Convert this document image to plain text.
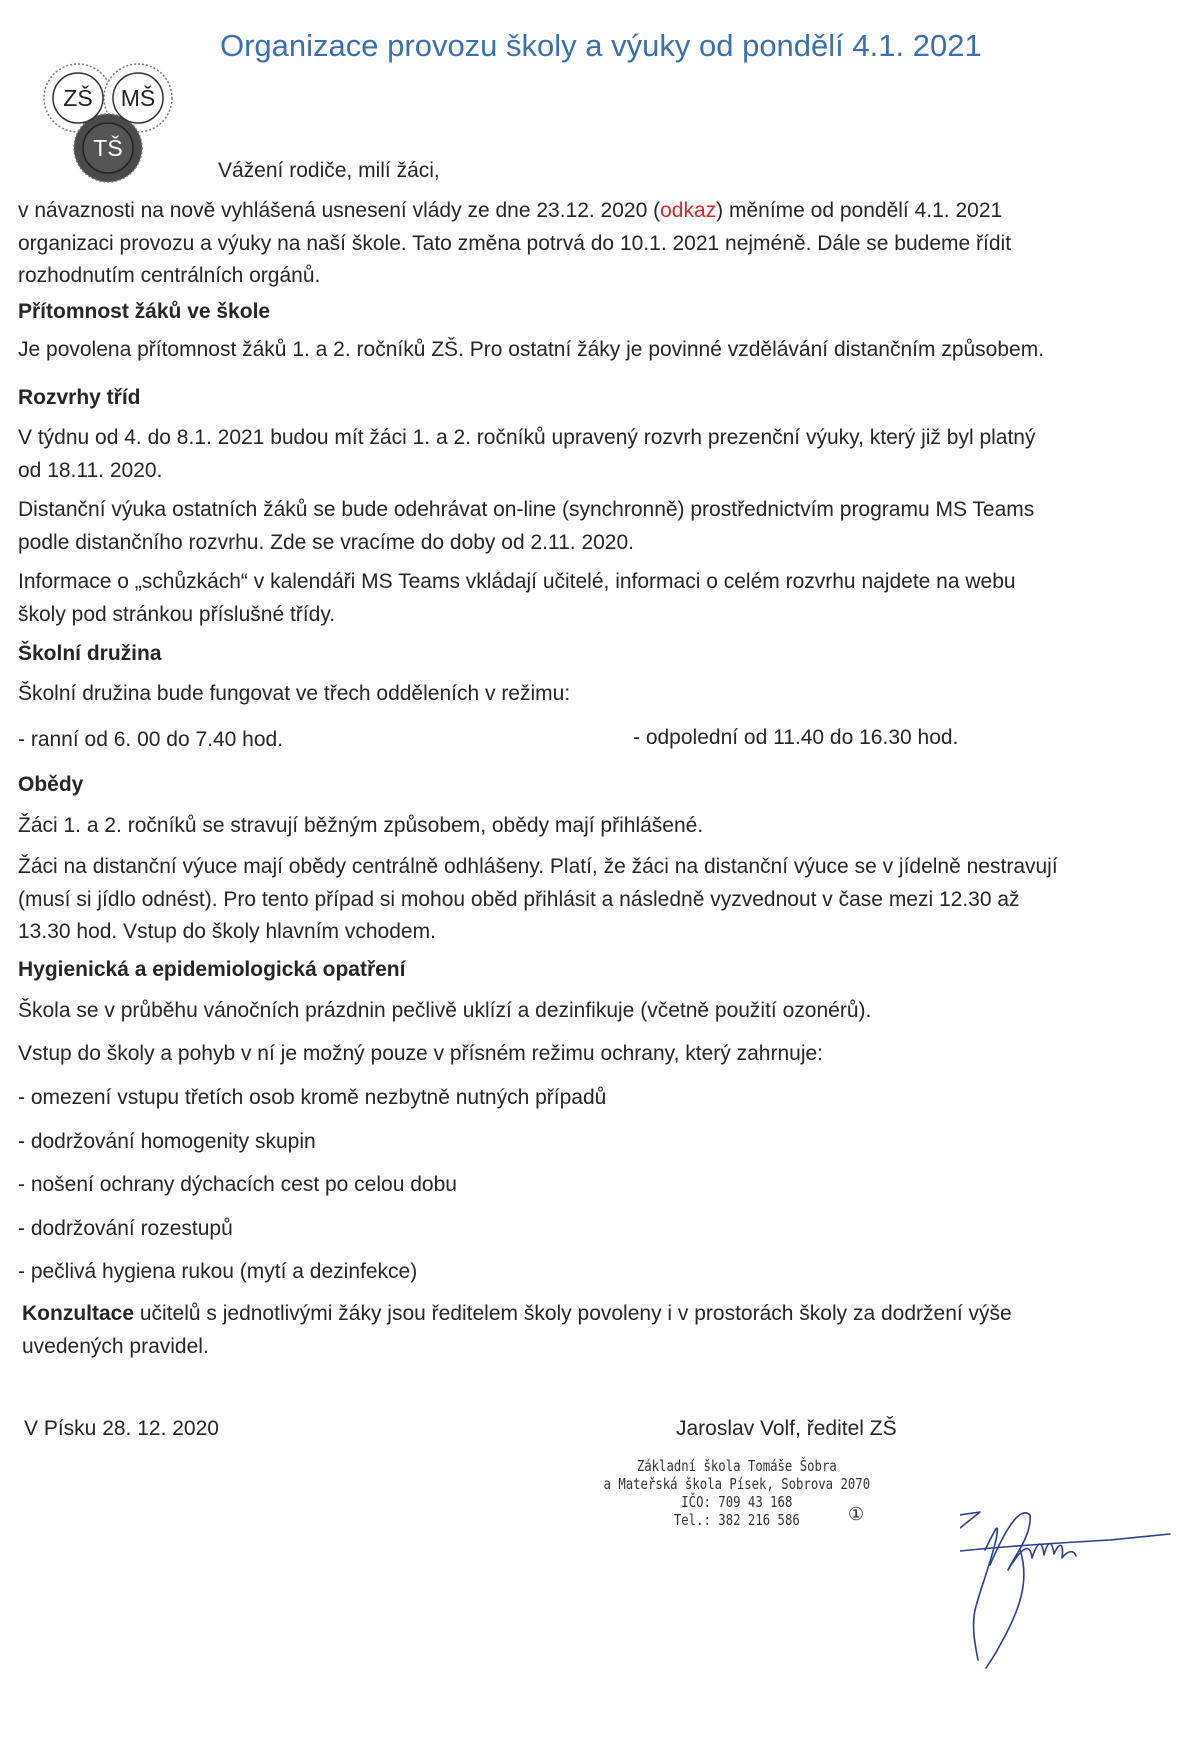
Organizace provozu školy a výuky od pondělí 4.1. 2021
ZŠ MŠ
TŠ
Vážení rodiče, milí žáci,
v návaznosti na nově vyhlášená usnesení vlády ze dne 23.12. 2020 (odkaz) měníme od pondělí 4.1. 2021
organizaci provozu a výuky na naší škole. Tato změna potrvá do 10.1. 2021 nejméně. Dále se budeme řídit
rozhodnutím centrálních orgánů.
Přítomnost žáků ve škole
Je povolena přítomnost žáků 1. a 2. ročníků ZŠ. Pro ostatní žáky je povinné vzdělávání distančním způsobem.
Rozvrhy tříd
V týdnu od 4. do 8.1. 2021 budou mít žáci 1. a 2. ročníků upravený rozvrh prezenční výuky, který již byl platný
od 18.11. 2020.
Distanční výuka ostatních žáků se bude odehrávat on-line (synchronně) prostřednictvím programu MS Teams
podle distančního rozvrhu. Zde se vracíme do doby od 2.11. 2020.
Informace o „schůzkách“ v kalendáři MS Teams vkládají učitelé, informaci o celém rozvrhu najdete na webu
školy pod stránkou příslušné třídy.
Školní družina
Školní družina bude fungovat ve třech odděleních v režimu:
- ranní od 6. 00 do 7.40 hod.	- odpolední od 11.40 do 16.30 hod.
Obědy
Žáci 1. a 2. ročníků se stravují běžným způsobem, obědy mají přihlášené.
Žáci na distanční výuce mají obědy centrálně odhlášeny. Platí, že žáci na distanční výuce se v jídelně nestravují
(musí si jídlo odnést). Pro tento případ si mohou oběd přihlásit a následně vyzvednout v čase mezi 12.30 až
13.30 hod. Vstup do školy hlavním vchodem.
Hygienická a epidemiologická opatření
Škola se v průběhu vánočních prázdnin pečlivě uklízí a dezinfikuje (včetně použití ozonérů).
Vstup do školy a pohyb v ní je možný pouze v přísném režimu ochrany, který zahrnuje:
- omezení vstupu třetích osob kromě nezbytně nutných případů
- dodržování homogenity skupin
- nošení ochrany dýchacích cest po celou dobu
- dodržování rozestupů
- pečlivá hygiena rukou (mytí a dezinfekce)
Konzultace učitelů s jednotlivými žáky jsou ředitelem školy povoleny i v prostorách školy za dodržení výše
uvedených pravidel.
V Písku 28. 12. 2020	Jaroslav Volf, ředitel ZŠ
Základní škola Tomáše Šobra
a Mateřská škola Písek, Sobrova 2070
IČO: 709 43 168
Tel.: 382 216 586	①
